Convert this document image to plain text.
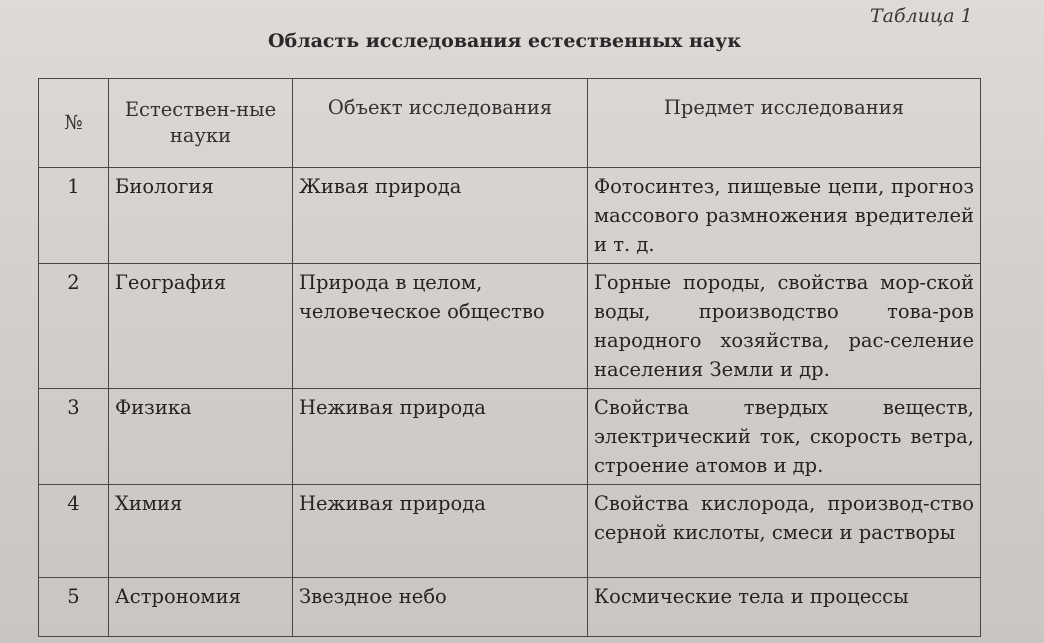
Таблица 1
Область исследования естественных наук
№	Естествен-ные науки	Объект исследования	Предмет исследования
1	Биология	Живая природа	Фотосинтез, пищевые цепи, прогноз массового размножения вредителей и т. д.
2	География	Природа в целом, человеческое общество	Горные породы, свойства мор-ской воды, производство това-ров народного хозяйства, рас-селение населения Земли и др.
3	Физика	Неживая природа	Свойства твердых веществ, электрический ток, скорость ветра, строение атомов и др.
4	Химия	Неживая природа	Свойства кислорода, производ-ство серной кислоты, смеси и растворы
5	Астрономия	Звездное небо	Космические тела и процессы
